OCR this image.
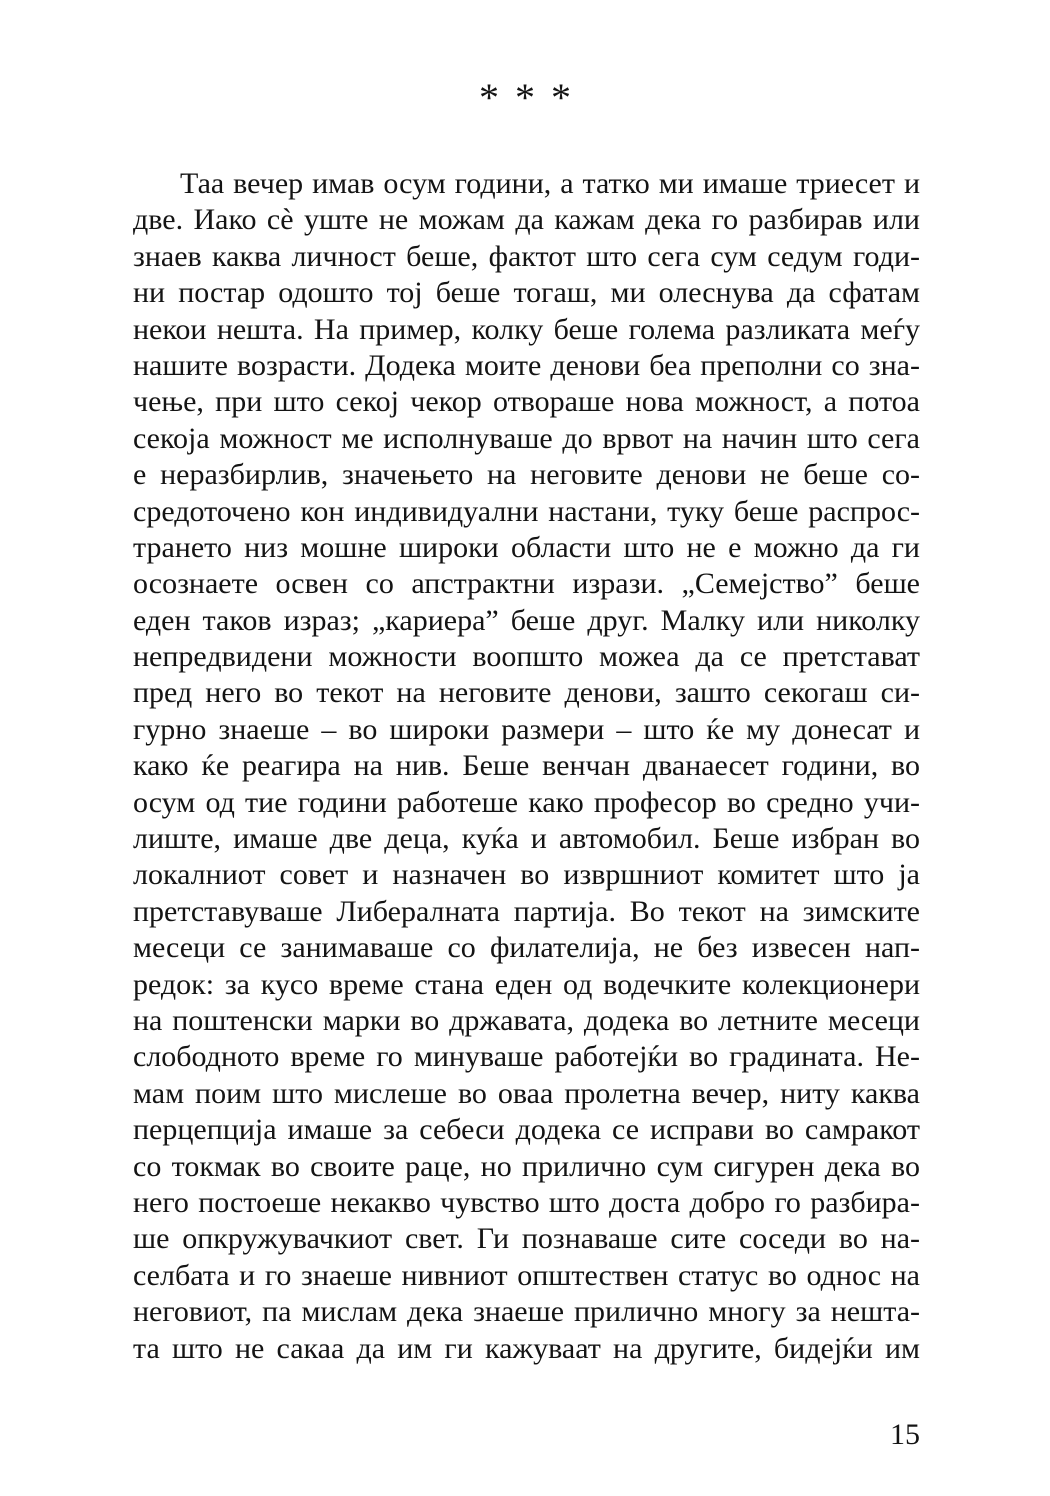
* * *
Таа вечер имав осум години, а татко ми имаше триесет и
две. Иако сѐ уште не можам да кажам дека го разбирав или
знаев каква личност беше, фактот што сега сум седум годи-
ни постар одошто тој беше тогаш, ми олеснува да сфатам
некои нешта. На пример, колку беше голема разликата меѓу
нашите возрасти. Додека моите денови беа преполни со зна-
чење, при што секој чекор отвораше нова можност, а потоа
секоја можност ме исполнуваше до врвот на начин што сега
е неразбирлив, значењето на неговите денови не беше со-
средоточено кон индивидуални настани, туку беше распрос-
трането низ мошне широки области што не е можно да ги
осознаете освен со апстрактни изрази. „Семејство” беше
еден таков израз; „кариера” беше друг. Малку или николку
непредвидени можности воопшто можеа да се претстават
пред него во текот на неговите денови, зашто секогаш си-
гурно знаеше – во широки размери – што ќе му донесат и
како ќе реагира на нив. Беше венчан дванаесет години, во
осум од тие години работеше како професор во средно учи-
лиште, имаше две деца, куќа и автомобил. Беше избран во
локалниот совет и назначен во извршниот комитет што ја
претставуваше Либералната партија. Во текот на зимските
месеци се занимаваше со филателија, не без извесен нап-
редок: за кусо време стана еден од водечките колекционери
на поштенски марки во државата, додека во летните месеци
слободното време го минуваше работејќи во градината. Не-
мам поим што мислеше во оваа пролетна вечер, ниту каква
перцепција имаше за себеси додека се исправи во самракот
со токмак во своите раце, но прилично сум сигурен дека во
него постоеше некакво чувство што доста добро го разбира-
ше опкружувачкиот свет. Ги познаваше сите соседи во на-
селбата и го знаеше нивниот општествен статус во однос на
неговиот, па мислам дека знаеше прилично многу за нешта-
та што не сакаа да им ги кажуваат на другите, бидејќи им
15
